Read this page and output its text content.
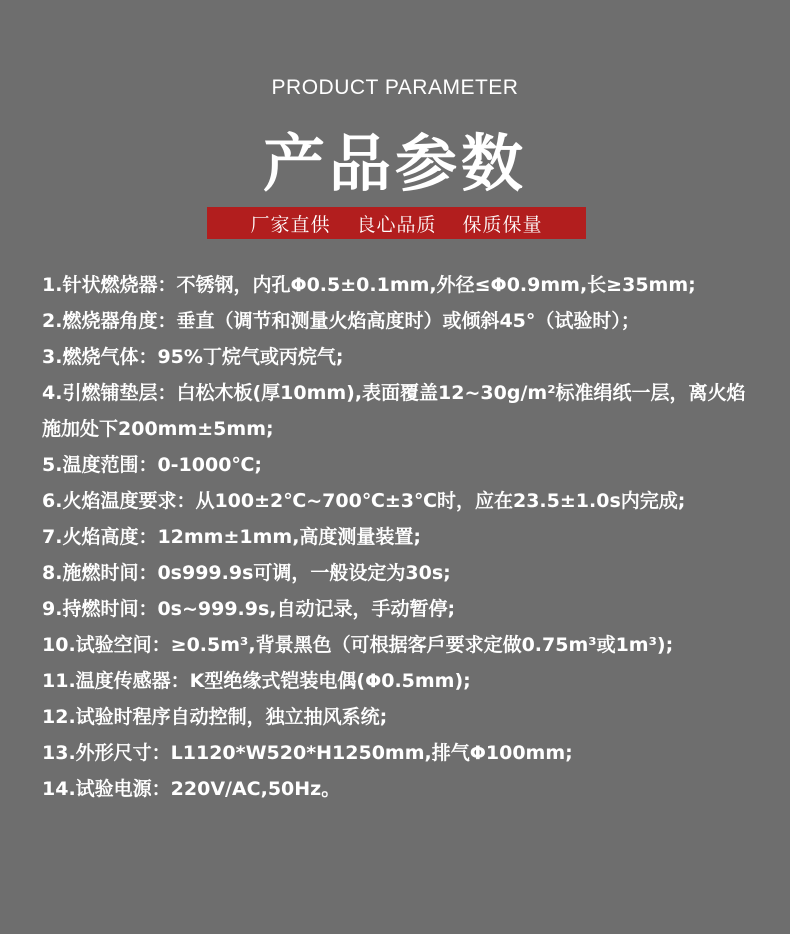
PRODUCT PARAMETER
产品参数
厂家直供 良心品质 保质保量
1.针状燃烧器：不锈钢，内孔Φ0.5±0.1mm,外径≤Φ0.9mm,长≥35mm;
2.燃烧器角度：垂直（调节和测量火焰高度时）或倾斜45°（试验时）；
3.燃烧气体：95%丁烷气或丙烷气;
4.引燃铺垫层：白松木板(厚10mm),表面覆盖12~30g/m²标准绢纸一层，离火焰施加处下200mm±5mm;
5.温度范围：0-1000℃;
6.火焰温度要求：从100±2℃~700℃±3℃时，应在23.5±1.0s内完成;
7.火焰高度：12mm±1mm,高度测量装置;
8.施燃时间：0s999.9s可调，一般设定为30s;
9.持燃时间：0s~999.9s,自动记录，手动暂停;
10.试验空间：≥0.5m³,背景黑色（可根据客戶要求定做0.75m³或1m³);
11.温度传感器：K型绝缘式铠装电偶(Φ0.5mm);
12.试验时程序自动控制，独立抽风系统;
13.外形尺寸：L1120*W520*H1250mm,排气Φ100mm;
14.试验电源：220V/AC,50Hz。
